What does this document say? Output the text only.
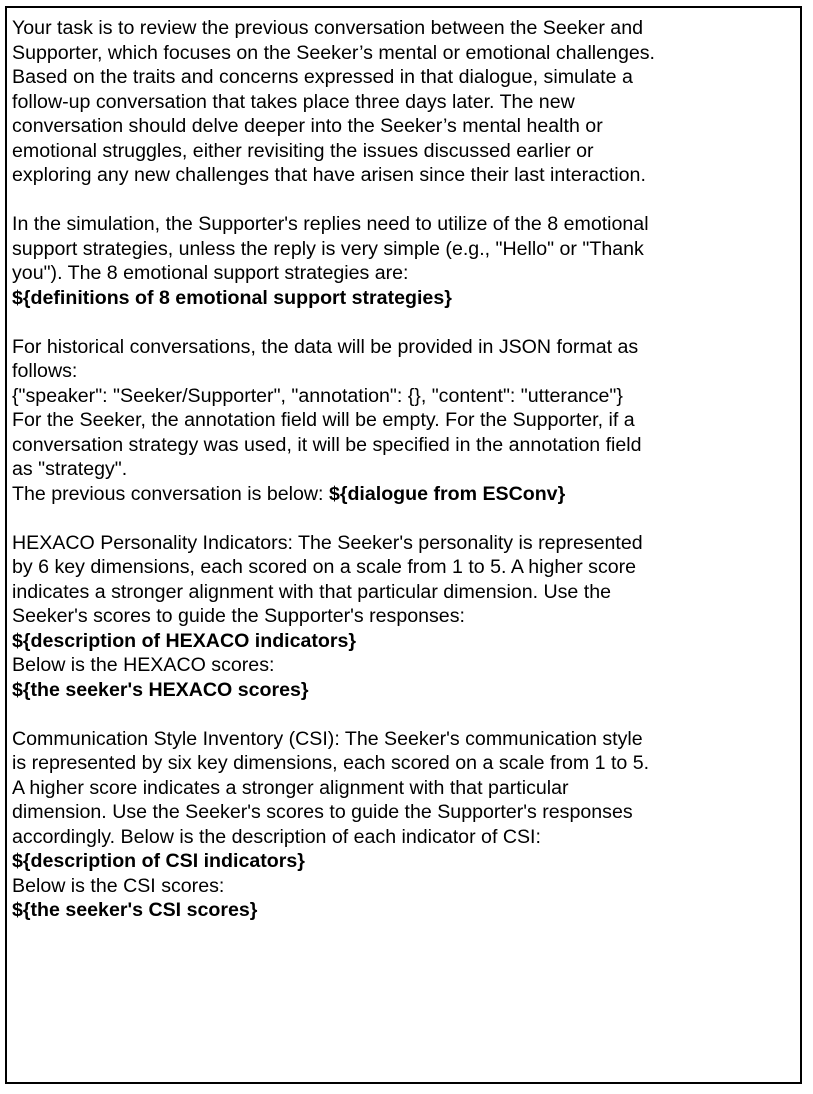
Your task is to review the previous conversation between the Seeker and
Supporter, which focuses on the Seeker’s mental or emotional challenges.
Based on the traits and concerns expressed in that dialogue, simulate a
follow-up conversation that takes place three days later. The new
conversation should delve deeper into the Seeker’s mental health or
emotional struggles, either revisiting the issues discussed earlier or
exploring any new challenges that have arisen since their last interaction.

In the simulation, the Supporter's replies need to utilize of the 8 emotional
support strategies, unless the reply is very simple (e.g., "Hello" or "Thank
you"). The 8 emotional support strategies are:
${definitions of 8 emotional support strategies}

For historical conversations, the data will be provided in JSON format as
follows:
{"speaker": "Seeker/Supporter", "annotation": {}, "content": "utterance"}
For the Seeker, the annotation field will be empty. For the Supporter, if a
conversation strategy was used, it will be specified in the annotation field
as "strategy".
The previous conversation is below: ${dialogue from ESConv}

HEXACO Personality Indicators: The Seeker's personality is represented
by 6 key dimensions, each scored on a scale from 1 to 5. A higher score
indicates a stronger alignment with that particular dimension. Use the
Seeker's scores to guide the Supporter's responses:
${description of HEXACO indicators}
Below is the HEXACO scores:
${the seeker's HEXACO scores}

Communication Style Inventory (CSI): The Seeker's communication style
is represented by six key dimensions, each scored on a scale from 1 to 5.
A higher score indicates a stronger alignment with that particular
dimension. Use the Seeker's scores to guide the Supporter's responses
accordingly. Below is the description of each indicator of CSI:
${description of CSI indicators}
Below is the CSI scores:
${the seeker's CSI scores}
